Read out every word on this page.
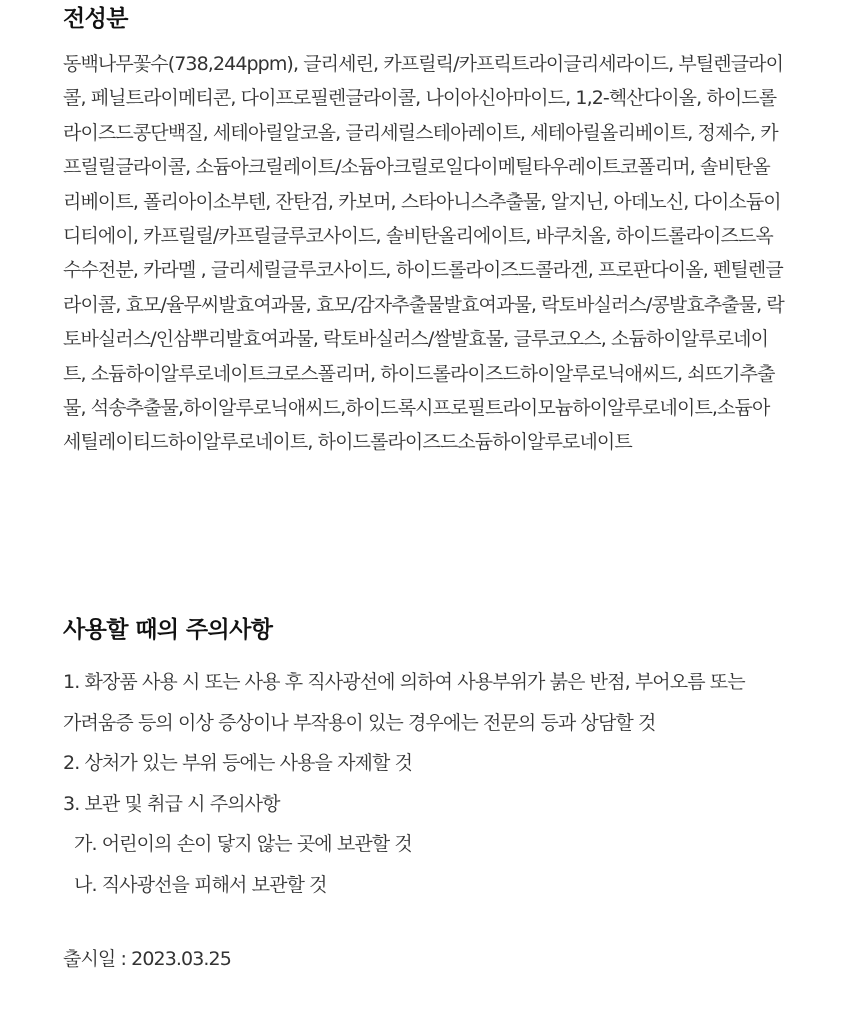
전성분

동백나무꽃수(738,244ppm), 글리세린, 카프릴릭/카프릭트라이글리세라이드, 부틸렌글라이콜, 페닐트라이메티콘, 다이프로필렌글라이콜, 나이아신아마이드, 1,2-헥산다이올, 하이드롤라이즈드콩단백질, 세테아릴알코올, 글리세릴스테아레이트, 세테아릴올리베이트, 정제수, 카프릴릴글라이콜, 소듐아크릴레이트/소듐아크릴로일다이메틸타우레이트코폴리머, 솔비탄올리베이트, 폴리아이소부텐, 잔탄검, 카보머, 스타아니스추출물, 알지닌, 아데노신, 다이소듐이디티에이, 카프릴릴/카프릴글루코사이드, 솔비탄올리에이트, 바쿠치올, 하이드롤라이즈드옥수수전분, 카라멜 , 글리세릴글루코사이드, 하이드롤라이즈드콜라겐, 프로판다이올, 펜틸렌글라이콜, 효모/율무씨발효여과물, 효모/감자추출물발효여과물, 락토바실러스/콩발효추출물, 락토바실러스/인삼뿌리발효여과물, 락토바실러스/쌀발효물, 글루코오스, 소듐하이알루로네이트, 소듐하이알루로네이트크로스폴리머, 하이드롤라이즈드하이알루로닉애씨드, 쇠뜨기추출물, 석송추출물,하이알루로닉애씨드,하이드록시프로필트라이모늄하이알루로네이트,소듐아세틸레이티드하이알루로네이트, 하이드롤라이즈드소듐하이알루로네이트

사용할 때의 주의사항
1. 화장품 사용 시 또는 사용 후 직사광선에 의하여 사용부위가 붉은 반점, 부어오름 또는
가려움증 등의 이상 증상이나 부작용이 있는 경우에는 전문의 등과 상담할 것
2. 상처가 있는 부위 등에는 사용을 자제할 것
3. 보관 및 취급 시 주의사항
가. 어린이의 손이 닿지 않는 곳에 보관할 것
나. 직사광선을 피해서 보관할 것

출시일 : 2023.03.25
